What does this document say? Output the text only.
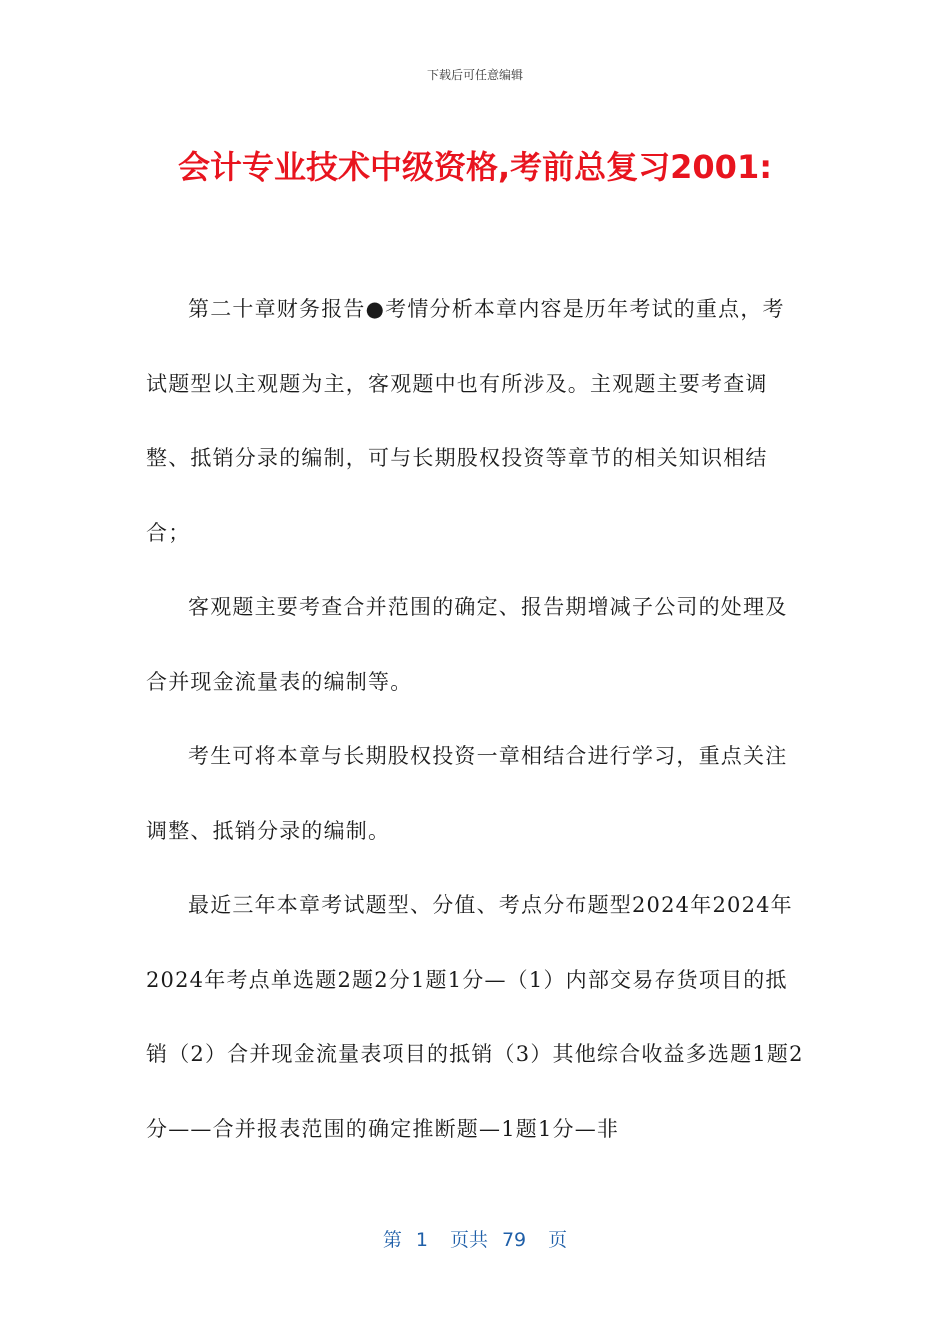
下载后可任意编辑
会计专业技术中级资格,考前总复习2001:

第二十章财务报告●考情分析本章内容是历年考试的重点，考试题型以主观题为主，客观题中也有所涉及。主观题主要考查调整、抵销分录的编制，可与长期股权投资等章节的相关知识相结合；

客观题主要考查合并范围的确定、报告期增减子公司的处理及合并现金流量表的编制等。

考生可将本章与长期股权投资一章相结合进行学习，重点关注调整、抵销分录的编制。

最近三年本章考试题型、分值、考点分布题型2024年2024年2024年考点单选题2题2分1题1分—（1）内部交易存货项目的抵销（2）合并现金流量表项目的抵销（3）其他综合收益多选题1题2分——合并报表范围的确定推断题—1题1分—非

第 1 页共 79 页
